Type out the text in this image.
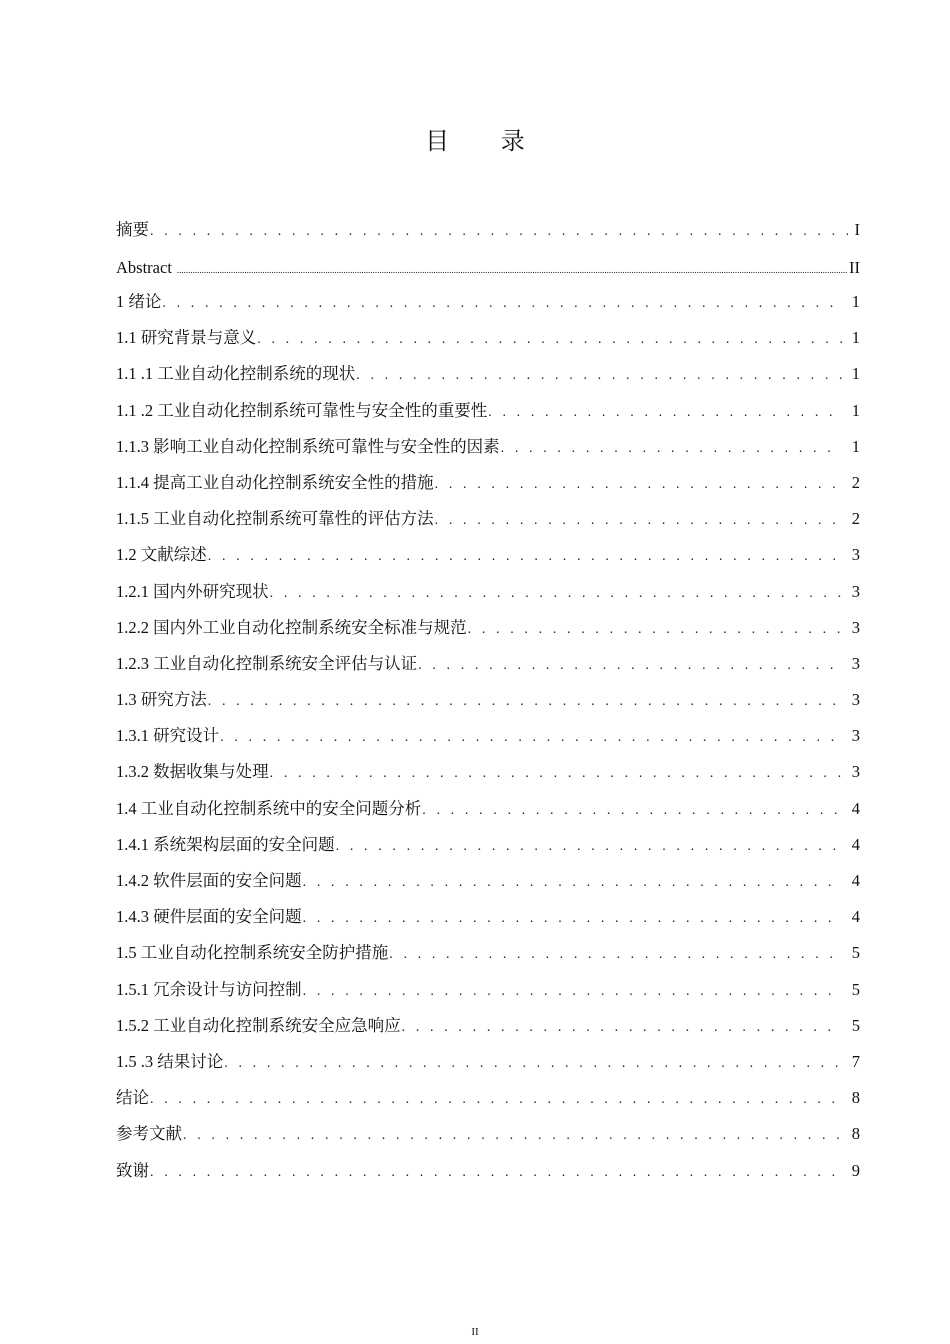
目 录
摘要 . . .	I
Abstract .....	II
1 绪论 . . .	1
1.1 研究背景与意义 . . .	1
1.1 .1 工业自动化控制系统的现状 . . .	1
1.1 .2 工业自动化控制系统可靠性与安全性的重要性 . . .	1
1.1.3 影响工业自动化控制系统可靠性与安全性的因素 . . .	1
1.1.4 提高工业自动化控制系统安全性的措施 . . .	2
1.1.5 工业自动化控制系统可靠性的评估方法 . . .	2
1.2 文献综述 . . .	3
1.2.1 国内外研究现状 . . .	3
1.2.2 国内外工业自动化控制系统安全标准与规范 . . .	3
1.2.3 工业自动化控制系统安全评估与认证 . . .	3
1.3 研究方法 . . .	3
1.3.1 研究设计 . . .	3
1.3.2 数据收集与处理 . . .	3
1.4 工业自动化控制系统中的安全问题分析 . . .	4
1.4.1 系统架构层面的安全问题 . . .	4
1.4.2 软件层面的安全问题 . . .	4
1.4.3 硬件层面的安全问题 . . .	4
1.5 工业自动化控制系统安全防护措施 . . .	5
1.5.1 冗余设计与访问控制 . . .	5
1.5.2 工业自动化控制系统安全应急响应 . . .	5
1.5 .3 结果讨论 . . .	7
结论 . . .	8
参考文献 . . .	8
致谢 . . .	9
II
